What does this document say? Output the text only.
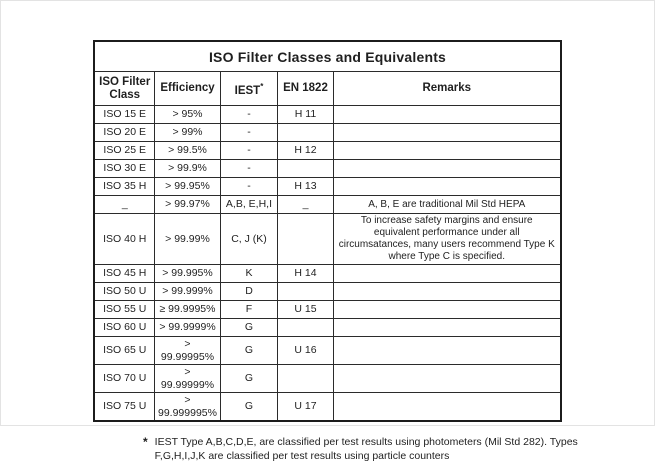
ISO Filter Classes and Equivalents				
ISO Filter Class	Efficiency	IEST*	EN 1822	Remarks
ISO 15 E	> 95%	-	H 11	
ISO 20 E	> 99%	-		
ISO 25 E	> 99.5%	-	H 12	
ISO 30 E	> 99.9%	-		
ISO 35 H	> 99.95%	-	H 13	
_	> 99.97%	A,B, E,H,I	_	A, B, E are traditional Mil Std HEPA
ISO 40 H	> 99.99%	C, J (K)		To increase safety margins and ensure equivalent performance under all circumsatances, many users recommend Type K where Type C is specified.
ISO 45 H	> 99.995%	K	H 14	
ISO 50 U	> 99.999%	D		
ISO 55 U	≥ 99.9995%	F	U 15	
ISO 60 U	> 99.9999%	G		
ISO 65 U	> 99.99995%	G	U 16	
ISO 70 U	> 99.99999%	G		
ISO 75 U	> 99.999995%	G	U 17	
* IEST Type A,B,C,D,E, are classified per test results using photometers (Mil Std 282). Types
F,G,H,I,J,K are classified per test results using particle counters
